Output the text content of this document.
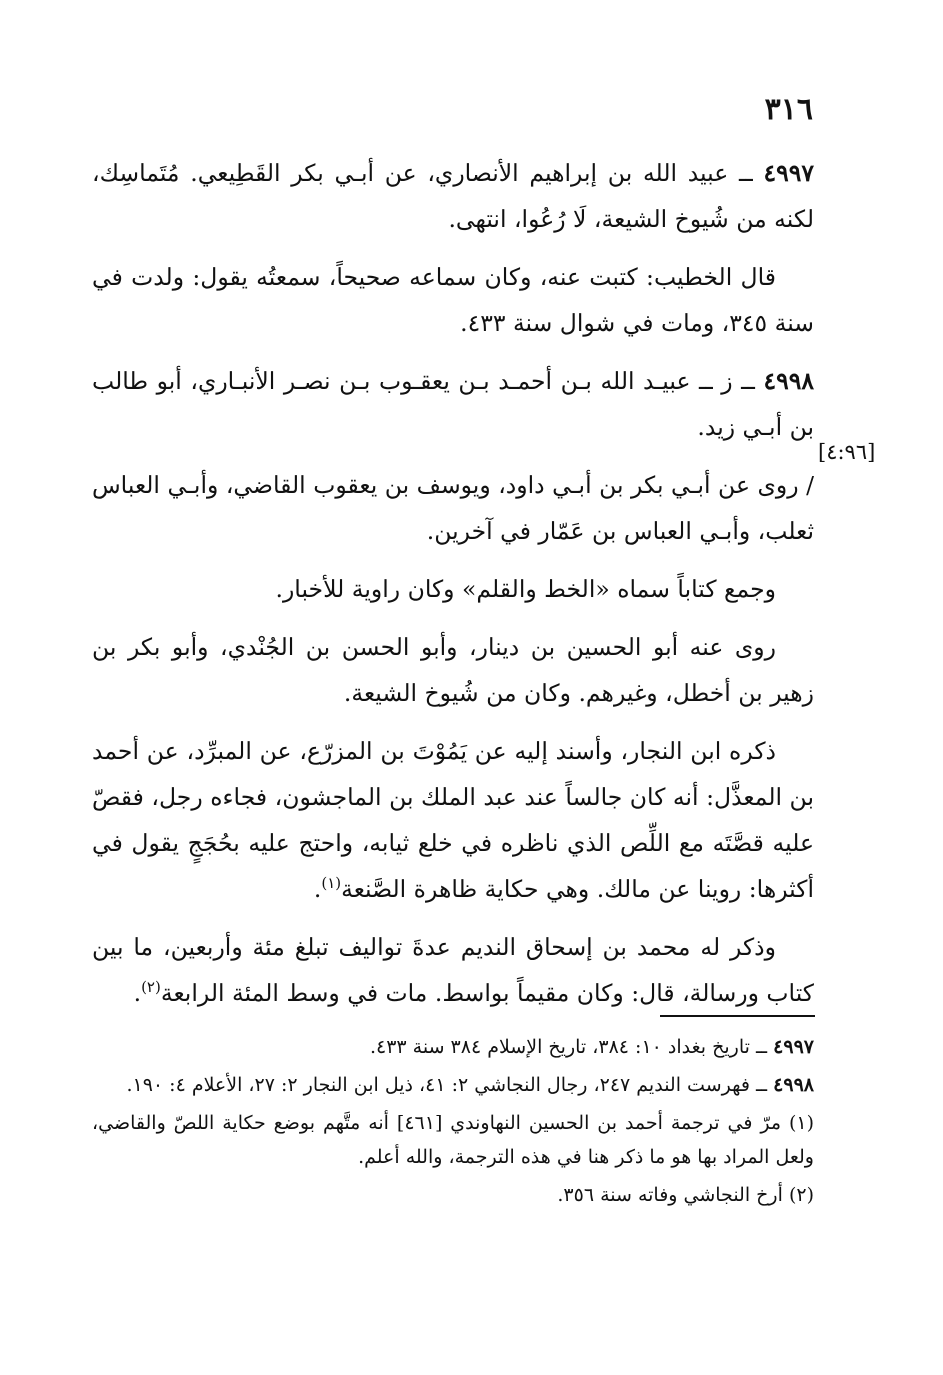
٣١٦
[٤:٩٦]

٤٩٩٧ ــ عبيد الله بن إبراهيم الأنصاري، عن أبـي بكر القَطِيعي. مُتَماسِك، لكنه من شُيوخ الشيعة، لَا رُعُوا، انتهى.

قال الخطيب: كتبت عنه، وكان سماعه صحيحاً، سمعتُه يقول: ولدت في سنة ٣٤٥، ومات في شوال سنة ٤٣٣.

٤٩٩٨ ــ ز ــ عبيـد الله بـن أحمـد بـن يعقـوب بـن نصـر الأنبـاري، أبو طالب بن أبـي زيد.

/ روى عن أبـي بكر بن أبـي داود، ويوسف بن يعقوب القاضي، وأبـي العباس ثعلب، وأبـي العباس بن عَمّار في آخرين.

وجمع كتاباً سماه «الخط والقلم» وكان راوية للأخبار.

روى عنه أبو الحسين بن دينار، وأبو الحسن بن الجُنْدي، وأبو بكر بن زهير بن أخطل، وغيرهم. وكان من شُيوخ الشيعة.

ذكره ابن النجار، وأسند إليه عن يَمُوْتَ بن المزرّع، عن المبرِّد، عن أحمد بن المعذَّل: أنه كان جالساً عند عبد الملك بن الماجشون، فجاءه رجل، فقصّ عليه قصَّتَه مع اللِّص الذي ناظره في خلع ثيابه، واحتج عليه بحُجَجٍ يقول في أكثرها: روينا عن مالك. وهي حكاية ظاهرة الصَّنعة$^{(١)}$.

وذكر له محمد بن إسحاق النديم عدةَ تواليف تبلغ مئة وأربعين، ما بين كتاب ورسالة، قال: وكان مقيماً بواسط. مات في وسط المئة الرابعة$^{(٢)}$.

٤٩٩٧ ــ تاريخ بغداد ١٠: ٣٨٤، تاريخ الإسلام ٣٨٤ سنة ٤٣٣.

٤٩٩٨ ــ فهرست النديم ٢٤٧، رجال النجاشي ٢: ٤١، ذيل ابن النجار ٢: ٢٧، الأعلام ٤: ١٩٠.

(١) مرّ في ترجمة أحمد بن الحسين النهاوندي [٤٦١] أنه متَّهم بوضع حكاية اللصّ والقاضي، ولعل المراد بها هو ما ذكر هنا في هذه الترجمة، والله أعلم.

(٢) أرخ النجاشي وفاته سنة ٣٥٦.
